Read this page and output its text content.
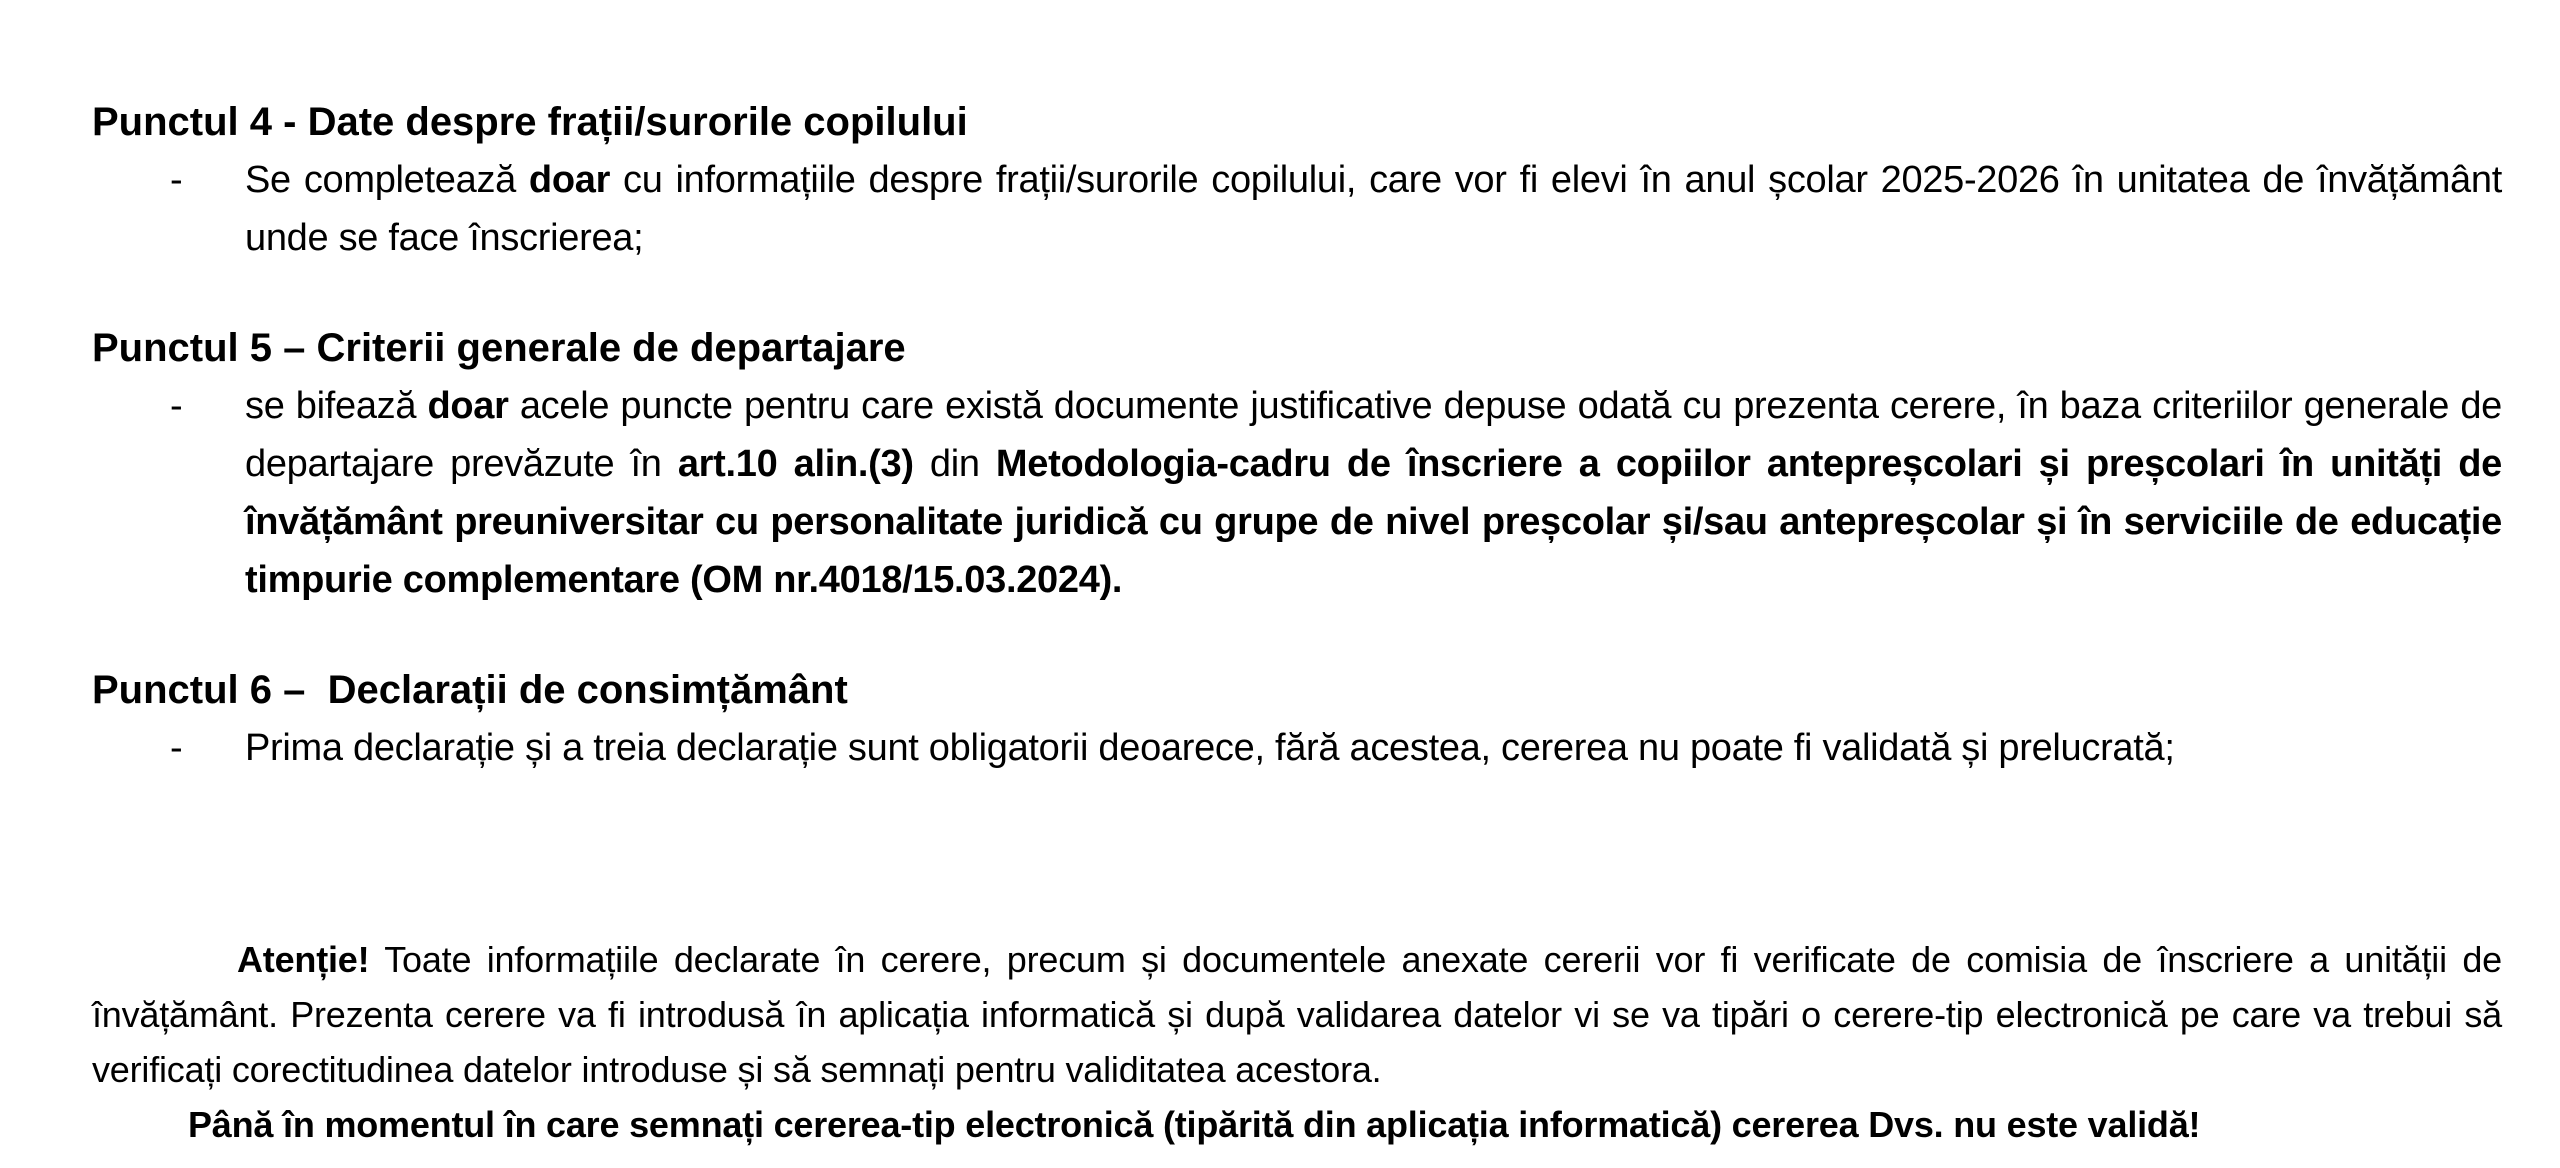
Punctul 4 - Date despre frații/surorile copilului
- Se completează doar cu informațiile despre frații/surorile copilului, care vor fi elevi în anul școlar 2025-2026 în unitatea de învățământ unde se face înscrierea;

Punctul 5 – Criterii generale de departajare
- se bifează doar acele puncte pentru care există documente justificative depuse odată cu prezenta cerere, în baza criteriilor generale de departajare prevăzute în art.10 alin.(3) din Metodologia-cadru de înscriere a copiilor antepreșcolari și preșcolari în unități de învățământ preuniversitar cu personalitate juridică cu grupe de nivel preșcolar și/sau antepreșcolar și în serviciile de educație timpurie complementare (OM nr.4018/15.03.2024).

Punctul 6 –  Declarații de consimțământ
- Prima declarație și a treia declarație sunt obligatorii deoarece, fără acestea, cererea nu poate fi validată și prelucrată;

Atenție! Toate informațiile declarate în cerere, precum și documentele anexate cererii vor fi verificate de comisia de înscriere a unității de învățământ. Prezenta cerere va fi introdusă în aplicația informatică și după validarea datelor vi se va tipări o cerere-tip electronică pe care va trebui să verificați corectitudinea datelor introduse și să semnați pentru validitatea acestora.

Până în momentul în care semnați cererea-tip electronică (tipărită din aplicația informatică) cererea Dvs. nu este validă!
